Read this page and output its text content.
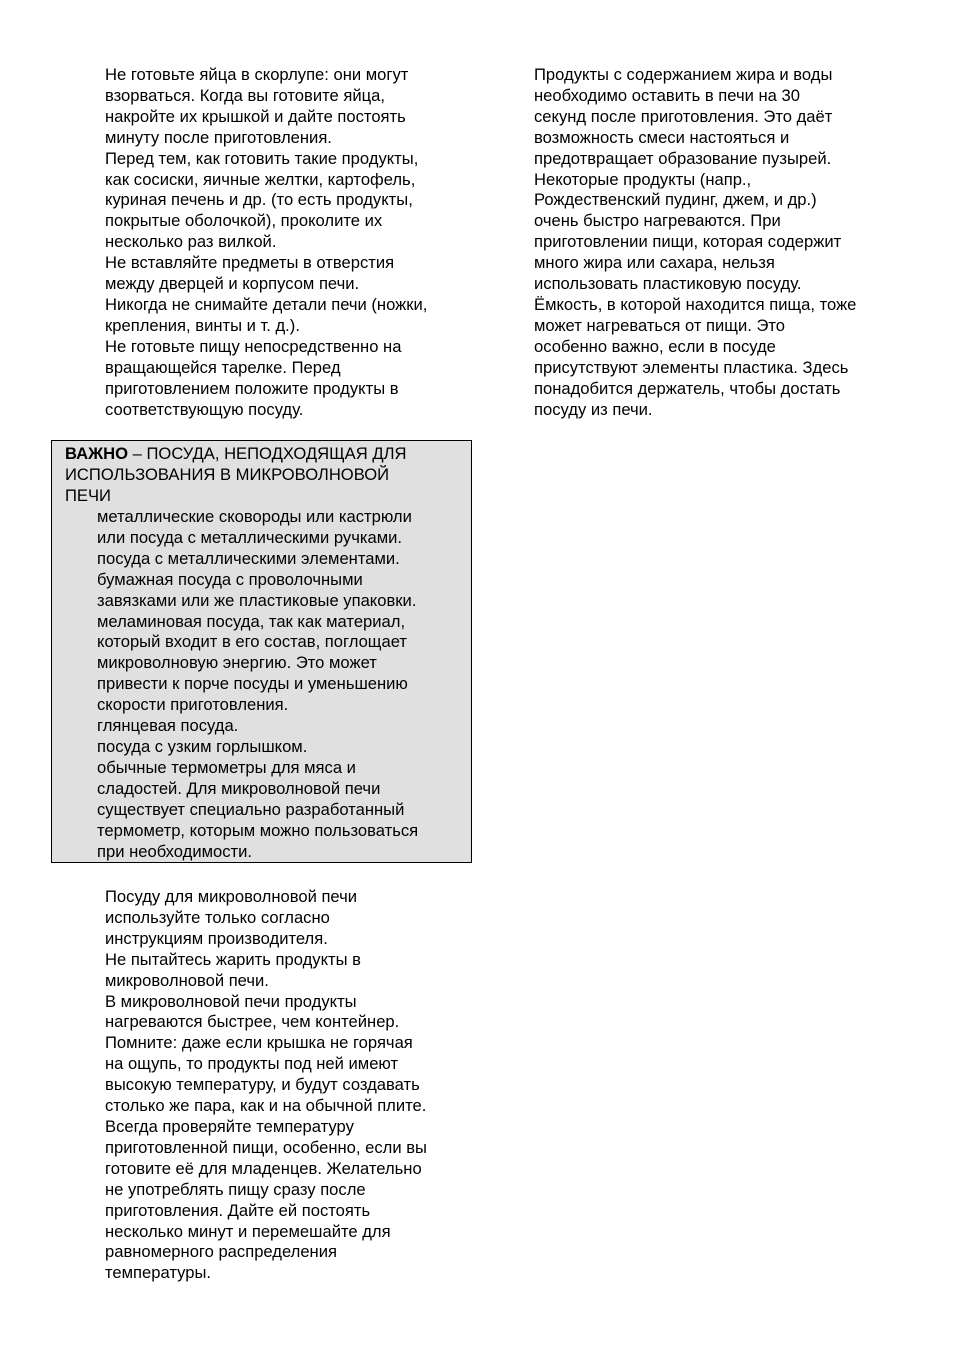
Не готовьте яйца в скорлупе: они могут
взорваться. Когда вы готовите яйца,
накройте их крышкой и дайте постоять
минуту после приготовления.
Перед тем, как готовить такие продукты,
как сосиски, яичные желтки, картофель,
куриная печень и др. (то есть продукты,
покрытые оболочкой), проколите их
несколько раз вилкой.
Не вставляйте предметы в отверстия
между дверцей и корпусом печи.
Никогда не снимайте детали печи (ножки,
крепления, винты и т. д.).
Не готовьте пищу непосредственно на
вращающейся тарелке. Перед
приготовлением положите продукты в
соответствующую посуду.
Продукты с содержанием жира и воды
необходимо оставить в печи на 30
секунд после приготовления. Это даёт
возможность смеси настояться и
предотвращает образование пузырей.
Некоторые продукты (напр.,
Рождественский пудинг, джем, и др.)
очень быстро нагреваются. При
приготовлении пищи, которая содержит
много жира или сахара, нельзя
использовать пластиковую посуду.
Ёмкость, в которой находится пища, тоже
может нагреваться от пищи. Это
особенно важно, если в посуде
присутствуют элементы пластика. Здесь
понадобится держатель, чтобы достать
посуду из печи.
ВАЖНО – ПОСУДА, НЕПОДХОДЯЩАЯ ДЛЯ
ИСПОЛЬЗОВАНИЯ В МИКРОВОЛНОВОЙ
ПЕЧИ
металлические сковороды или кастрюли
или посуда с металлическими ручками.
посуда с металлическими элементами.
бумажная посуда с проволочными
завязками или же пластиковые упаковки.
меламиновая посуда, так как материал,
который входит в его состав, поглощает
микроволновую энергию. Это может
привести к порче посуды и уменьшению
скорости приготовления.
глянцевая посуда.
посуда с узким горлышком.
обычные термометры для мяса и
сладостей. Для микроволновой печи
существует специально разработанный
термометр, которым можно пользоваться
при необходимости.
Посуду для микроволновой печи
используйте только согласно
инструкциям производителя.
Не пытайтесь жарить продукты в
микроволновой печи.
В микроволновой печи продукты
нагреваются быстрее, чем контейнер.
Помните: даже если крышка не горячая
на ощупь, то продукты под ней имеют
высокую температуру, и будут создавать
столько же пара, как и на обычной плите.
Всегда проверяйте температуру
приготовленной пищи, особенно, если вы
готовите её для младенцев. Желательно
не употреблять пищу сразу после
приготовления. Дайте ей постоять
несколько минут и перемешайте для
равномерного распределения
температуры.
